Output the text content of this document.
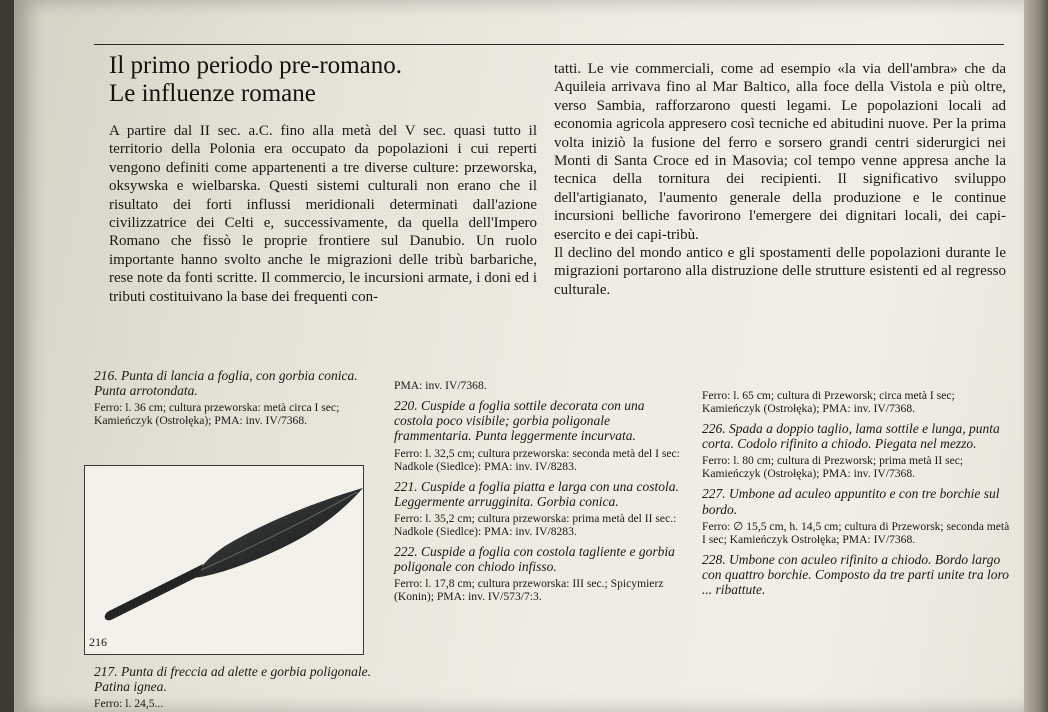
Il primo periodo pre-romano.
Le influenze romane

A partire dal II sec. a.C. fino alla metà del V sec. quasi tutto il territorio della Polonia era occupato da popolazioni i cui reperti vengono definiti come appartenenti a tre diverse culture: przeworska, oksywska e wielbarska. Questi sistemi culturali non erano che il risultato dei forti influssi meridionali determinati dall'azione civilizzatrice dei Celti e, successivamente, da quella dell'Impero Romano che fissò le proprie frontiere sul Danubio. Un ruolo importante hanno svolto anche le migrazioni delle tribù barbariche, rese note da fonti scritte. Il commercio, le incursioni armate, i doni ed i tributi costituivano la base dei frequenti con-

tatti. Le vie commerciali, come ad esempio «la via dell'ambra» che da Aquileia arrivava fino al Mar Baltico, alla foce della Vistola e più oltre, verso Sambia, rafforzarono questi legami. Le popolazioni locali ad economia agricola appresero così tecniche ed abitudini nuove. Per la prima volta iniziò la fusione del ferro e sorsero grandi centri siderurgici nei Monti di Santa Croce ed in Masovia; col tempo venne appresa anche la tecnica della tornitura dei recipienti. Il significativo sviluppo dell'artigianato, l'aumento generale della produzione e le continue incursioni belliche favorirono l'emergere dei dignitari locali, dei capi- esercito e dei capi-tribù.

Il declino del mondo antico e gli spostamenti delle popolazioni durante le migrazioni portarono alla distruzione delle strutture esistenti ed al regresso culturale.

216. Punta di lancia a foglia, con gorbia conica. Punta arrotondata.
Ferro: l. 36 cm; cultura przeworska: metà circa I sec; Kamieńczyk (Ostrołęka); PMA: inv. IV/7368.
216
217. Punta di freccia ad alette e gorbia poligonale. Patina ignea.
Ferro: l. 24,5...
PMA: inv. IV/7368.
220. Cuspide a foglia sottile decorata con una costola poco visibile; gorbia poligonale frammentaria. Punta leggermente incurvata.
Ferro: l. 32,5 cm; cultura przeworska: seconda metà del I sec: Nadkole (Siedlce): PMA: inv. IV/8283.
221. Cuspide a foglia piatta e larga con una costola. Leggermente arrugginita. Gorbia conica.
Ferro: l. 35,2 cm; cultura przeworska: prima metà del II sec.: Nadkole (Siedlce): PMA: inv. IV/8283.
222. Cuspide a foglia con costola tagliente e gorbia poligonale con chiodo infisso.
Ferro: l. 17,8 cm; cultura przeworska: III sec.; Spicymierz (Konin); PMA: inv. IV/573/7:3.
Ferro: l. 65 cm; cultura di Przeworsk; circa metà I sec; Kamieńczyk (Ostrołęka); PMA: inv. IV/7368.
226. Spada a doppio taglio, lama sottile e lunga, punta corta. Codolo rifinito a chiodo. Piegata nel mezzo.
Ferro: l. 80 cm; cultura di Prezworsk; prima metà II sec; Kamieńczyk (Ostrołęka); PMA: inv. IV/7368.
227. Umbone ad aculeo appuntito e con tre borchie sul bordo.
Ferro: ∅ 15,5 cm, h. 14,5 cm; cultura di Przeworsk; seconda metà I sec; Kamieńczyk Ostrołęka; PMA: IV/7368.
228. Umbone con aculeo rifinito a chiodo. Bordo largo con quattro borchie. Composto da tre parti unite tra loro ... ribattute.
